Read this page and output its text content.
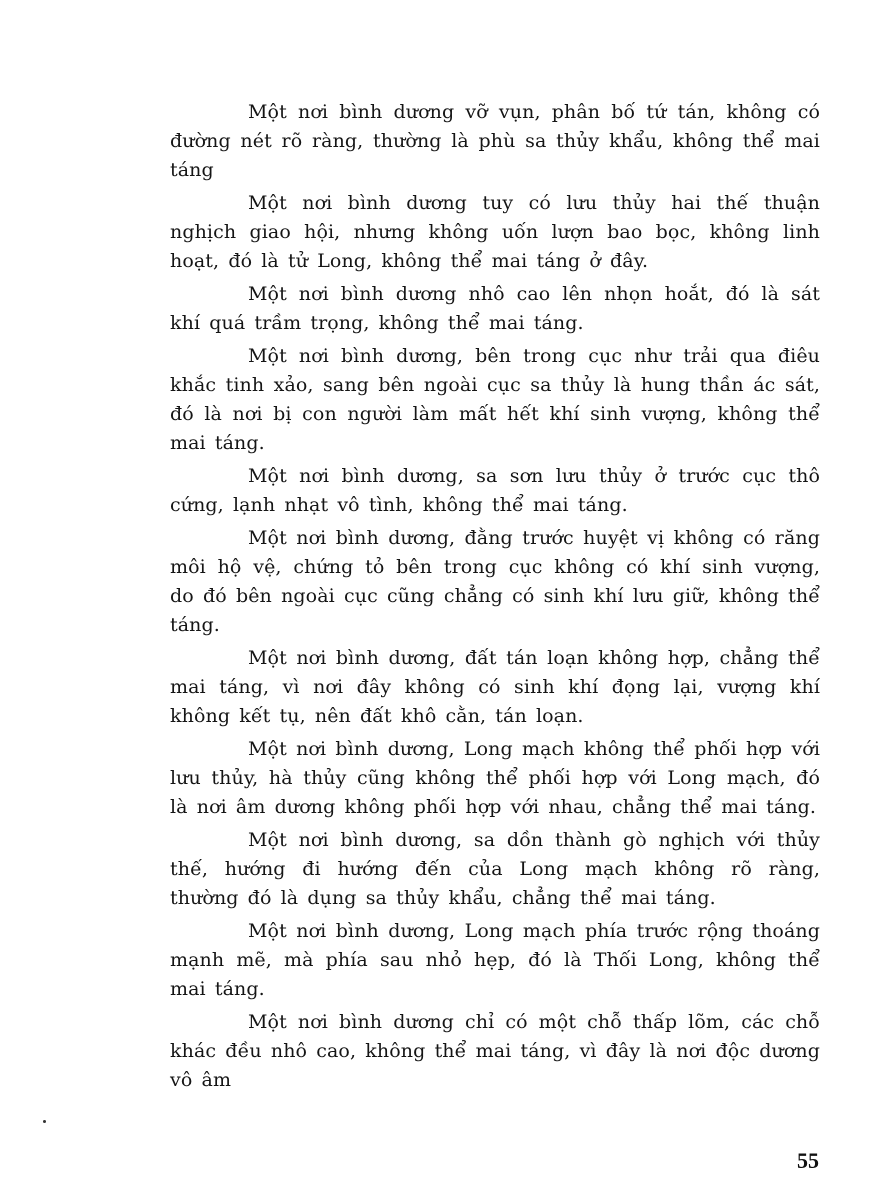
Một nơi bình dương vỡ vụn, phân bố tứ tán, không có đường nét rõ ràng, thường là phù sa thủy khẩu, không thể mai táng

Một nơi bình dương tuy có lưu thủy hai thế thuận nghịch giao hội, nhưng không uốn lượn bao bọc, không linh hoạt, đó là tử Long, không thể mai táng ở đây.

Một nơi bình dương nhô cao lên nhọn hoắt, đó là sát khí quá trầm trọng, không thể mai táng.

Một nơi bình dương, bên trong cục như trải qua điêu khắc tinh xảo, sang bên ngoài cục sa thủy là hung thần ác sát, đó là nơi bị con người làm mất hết khí sinh vượng, không thể mai táng.

Một nơi bình dương, sa sơn lưu thủy ở trước cục thô cứng, lạnh nhạt vô tình, không thể mai táng.

Một nơi bình dương, đằng trước huyệt vị không có răng môi hộ vệ, chứng tỏ bên trong cục không có khí sinh vượng, do đó bên ngoài cục cũng chẳng có sinh khí lưu giữ, không thể táng.

Một nơi bình dương, đất tán loạn không hợp, chẳng thể mai táng, vì nơi đây không có sinh khí đọng lại, vượng khí không kết tụ, nên đất khô cằn, tán loạn.

Một nơi bình dương, Long mạch không thể phối hợp với lưu thủy, hà thủy cũng không thể phối hợp với Long mạch, đó là nơi âm dương không phối hợp với nhau, chẳng thể mai táng.

Một nơi bình dương, sa dồn thành gò nghịch với thủy thế, hướng đi hướng đến của Long mạch không rõ ràng, thường đó là dụng sa thủy khẩu, chẳng thể mai táng.

Một nơi bình dương, Long mạch phía trước rộng thoáng mạnh mẽ, mà phía sau nhỏ hẹp, đó là Thối Long, không thể mai táng.

Một nơi bình dương chỉ có một chỗ thấp lõm, các chỗ khác đều nhô cao, không thể mai táng, vì đây là nơi độc dương vô âm

55
